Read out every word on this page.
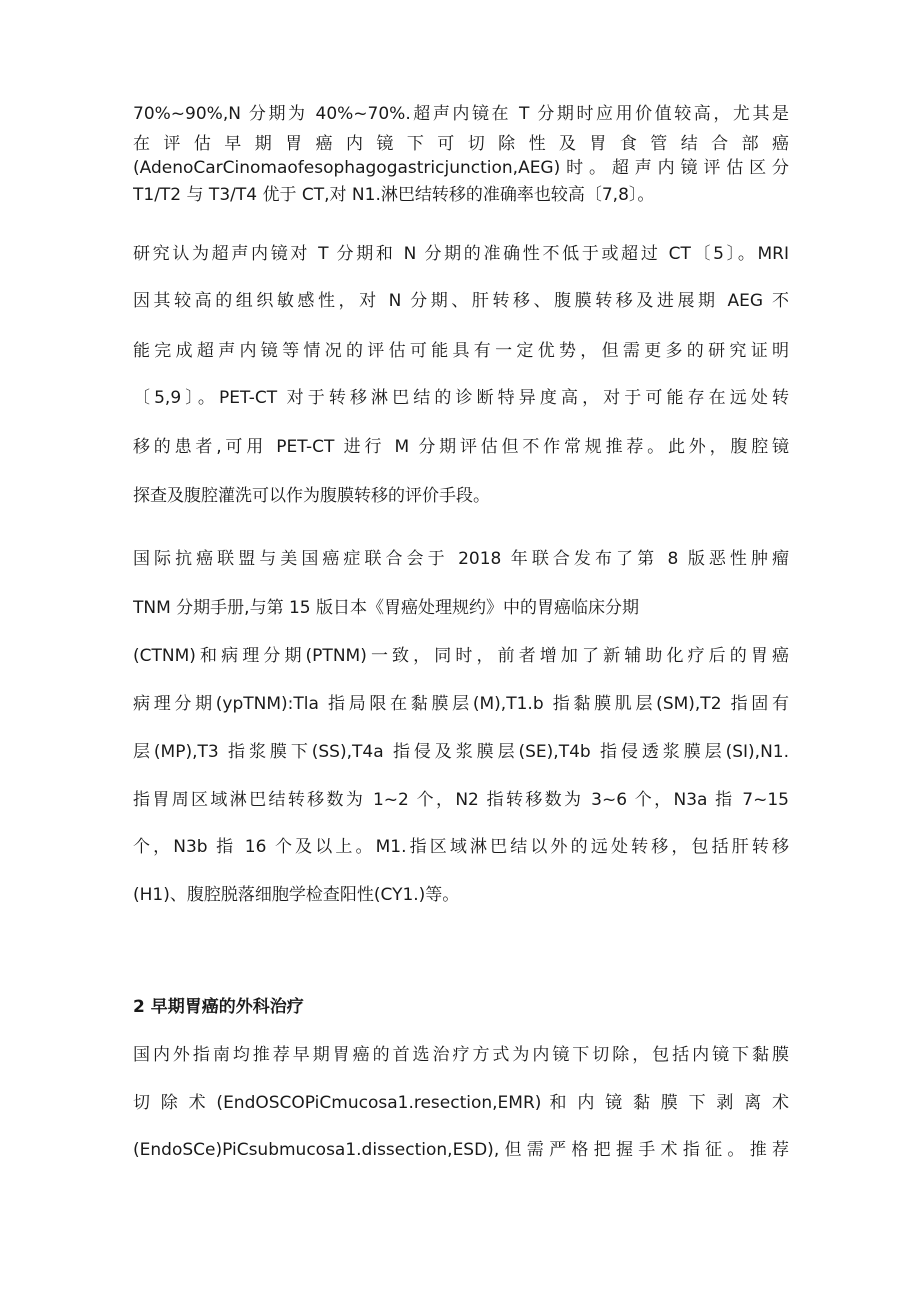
70%~90%,N 分期为 40%~70%.超声内镜在 T 分期时应用价值较高，尤其是
在 评 估 早 期 胃 癌 内 镜 下 可 切 除 性 及 胃 食 管 结 合 部 癌
(AdenoCarCinomaofesophagogastricjunction,AEG)时。超声内镜评估区分
T1/T2 与 T3/T4 优于 CT,对 N1.淋巴结转移的准确率也较高〔7,8〕。
研究认为超声内镜对 T 分期和 N 分期的准确性不低于或超过 CT〔5〕。MRI
因其较高的组织敏感性，对 N 分期、肝转移、腹膜转移及进展期 AEG 不
能完成超声内镜等情况的评估可能具有一定优势，但需更多的研究证明
〔5,9〕。PET-CT 对于转移淋巴结的诊断特异度高，对于可能存在远处转
移的患者,可用 PET-CT 进行 M 分期评估但不作常规推荐。此外，腹腔镜
探查及腹腔灌洗可以作为腹膜转移的评价手段。
国际抗癌联盟与美国癌症联合会于 2018 年联合发布了第 8 版恶性肿瘤
TNM 分期手册,与第 15 版日本《胃癌处理规约》中的胃癌临床分期
(CTNM)和病理分期(PTNM)一致，同时，前者增加了新辅助化疗后的胃癌
病理分期(ypTNM):Tla 指局限在黏膜层(M),T1.b 指黏膜肌层(SM),T2 指固有
层(MP),T3 指浆膜下(SS),T4a 指侵及浆膜层(SE),T4b 指侵透浆膜层(SI),N1.
指胃周区域淋巴结转移数为 1~2 个，N2 指转移数为 3~6 个，N3a 指 7~15
个，N3b 指 16 个及以上。M1.指区域淋巴结以外的远处转移，包括肝转移
(H1)、腹腔脱落细胞学检查阳性(CY1.)等。
2 早期胃癌的外科治疗
国内外指南均推荐早期胃癌的首选治疗方式为内镜下切除，包括内镜下黏膜
切 除 术 (EndOSCOPiCmucosa1.resection,EMR) 和 内 镜 黏 膜 下 剥 离 术
(EndoSCe)PiCsubmucosa1.dissection,ESD),但需严格把握手术指征。推荐
